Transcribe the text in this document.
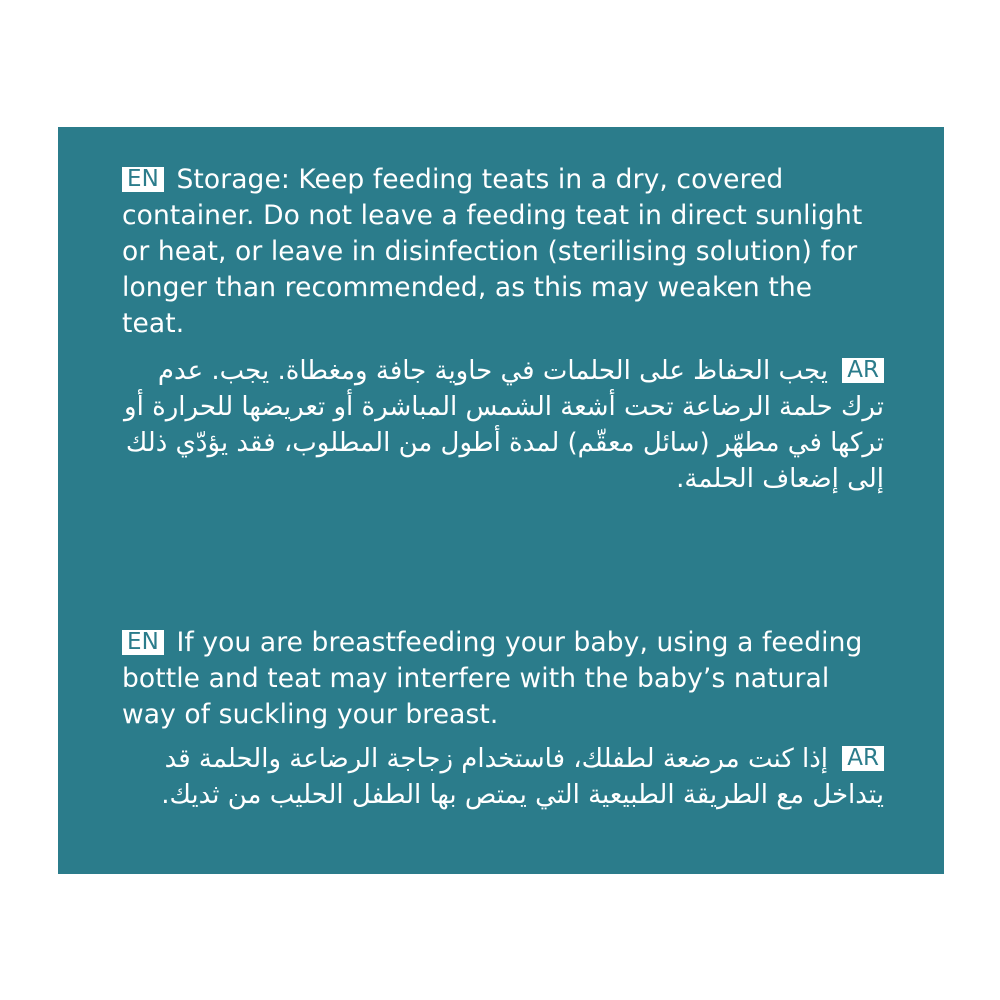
EN Storage: Keep feeding teats in a dry, covered container. Do not leave a feeding teat in direct sunlight or heat, or leave in disinfection (sterilising solution) for longer than recommended, as this may weaken the teat.
AR يجب الحفاظ على الحلمات في حاوية جافة ومغطاة. يجب. عدم ترك حلمة الرضاعة تحت أشعة الشمس المباشرة أو تعريضها للحرارة أو تركها في مطهّر (سائل معقّم) لمدة أطول من المطلوب، فقد يؤدّي ذلك إلى إضعاف الحلمة.
EN If you are breastfeeding your baby, using a feeding bottle and teat may interfere with the baby’s natural way of suckling your breast.
AR إذا كنت مرضعة لطفلك، فاستخدام زجاجة الرضاعة والحلمة قد يتداخل مع الطريقة الطبيعية التي يمتص بها الطفل الحليب من ثديك.
